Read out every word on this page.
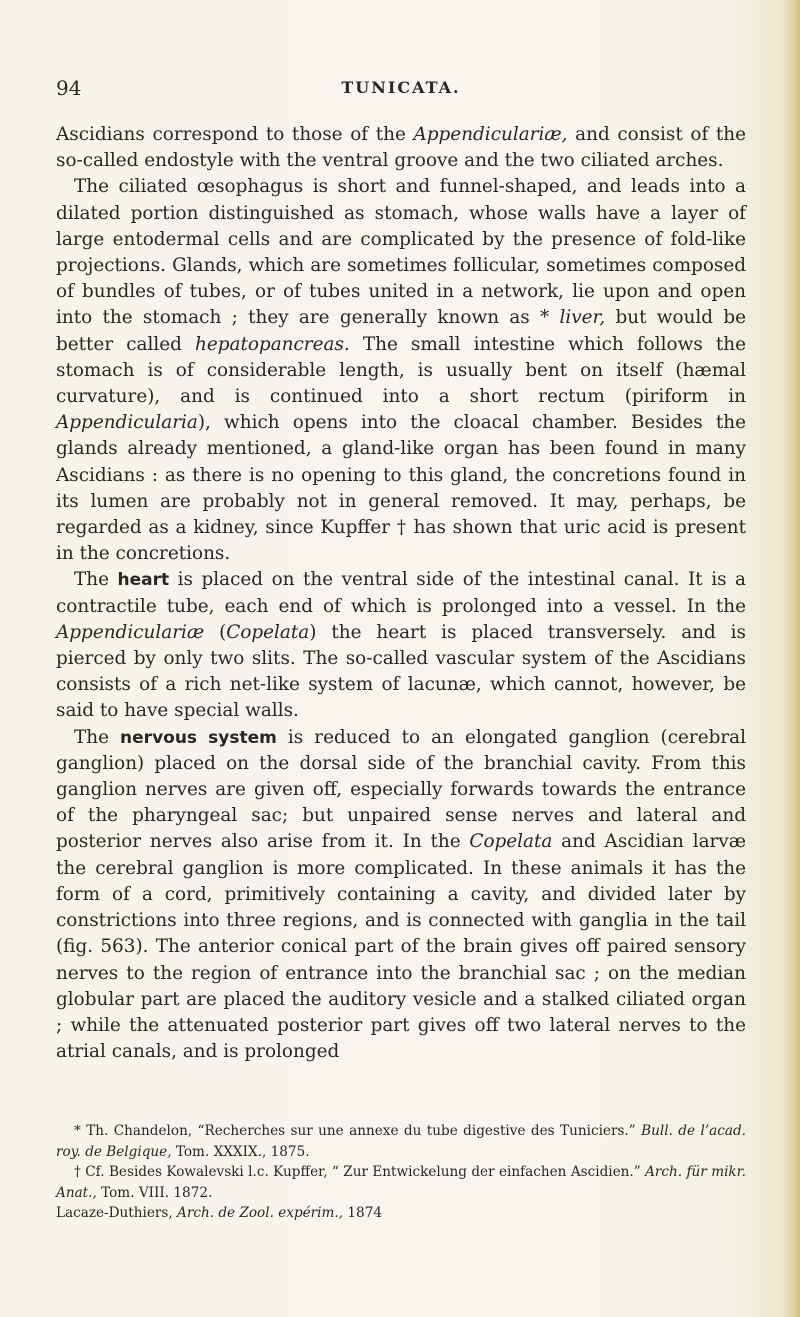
94	TUNICATA.

Ascidians correspond to those of the Appendiculariæ, and consist of the so-called endostyle with the ventral groove and the two ciliated arches.

The ciliated œsophagus is short and funnel-shaped, and leads into a dilated portion distinguished as stomach, whose walls have a layer of large entodermal cells and are complicated by the presence of fold-like projections. Glands, which are sometimes follicular, sometimes composed of bundles of tubes, or of tubes united in a network, lie upon and open into the stomach ; they are generally known as * liver, but would be better called hepatopancreas. The small intestine which follows the stomach is of considerable length, is usually bent on itself (hæmal curvature), and is continued into a short rectum (piriform in Appendicularia), which opens into the cloacal chamber. Besides the glands already mentioned, a gland-like organ has been found in many Ascidians : as there is no opening to this gland, the concretions found in its lumen are probably not in general removed. It may, perhaps, be regarded as a kidney, since Kupffer † has shown that uric acid is present in the concretions.

The heart is placed on the ventral side of the intestinal canal. It is a contractile tube, each end of which is prolonged into a vessel. In the Appendiculariæ (Copelata) the heart is placed transversely. and is pierced by only two slits. The so-called vascular system of the Ascidians consists of a rich net-like system of lacunæ, which cannot, however, be said to have special walls.

The nervous system is reduced to an elongated ganglion (cerebral ganglion) placed on the dorsal side of the branchial cavity. From this ganglion nerves are given off, especially forwards towards the entrance of the pharyngeal sac; but unpaired sense nerves and lateral and posterior nerves also arise from it. In the Copelata and Ascidian larvæ the cerebral ganglion is more complicated. In these animals it has the form of a cord, primitively containing a cavity, and divided later by constrictions into three regions, and is connected with ganglia in the tail (fig. 563). The anterior conical part of the brain gives off paired sensory nerves to the region of entrance into the branchial sac ; on the median globular part are placed the auditory vesicle and a stalked ciliated organ ; while the attenuated posterior part gives off two lateral nerves to the atrial canals, and is prolonged

* Th. Chandelon, “Recherches sur une annexe du tube digestive des Tuniciers.” Bull. de l’acad. roy. de Belgique, Tom. XXXIX., 1875.

† Cf. Besides Kowalevski l.c. Kupffer, “ Zur Entwickelung der einfachen Ascidien.” Arch. für mikr. Anat., Tom. VIII. 1872.

Lacaze-Duthiers, Arch. de Zool. expérim., 1874
